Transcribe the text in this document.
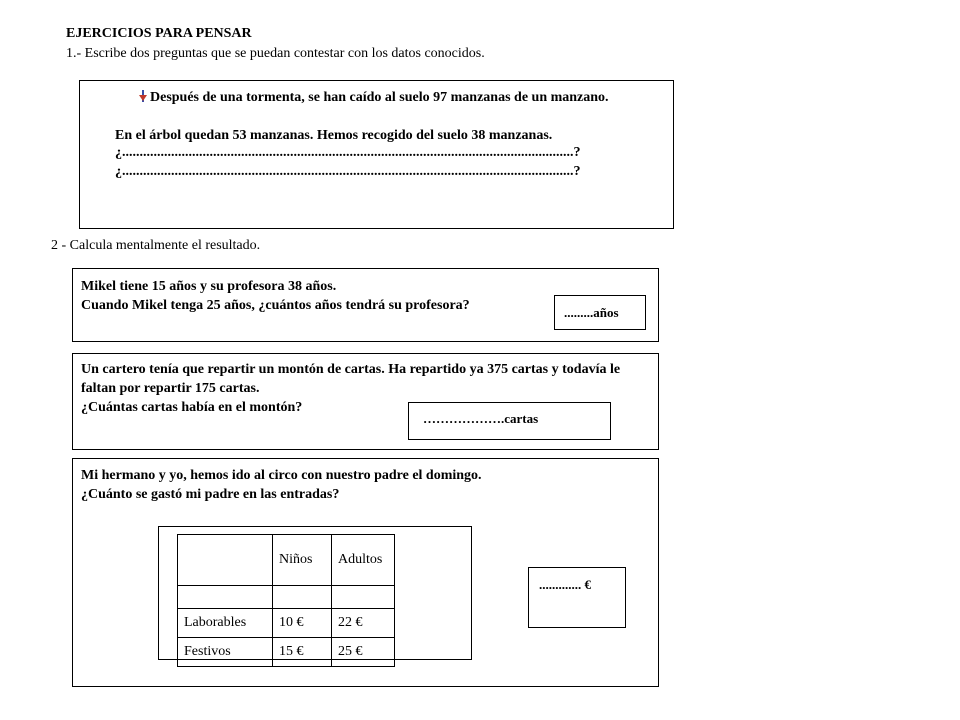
EJERCICIOS PARA PENSAR
1.- Escribe dos preguntas que se puedan contestar con los datos conocidos.
Después de una tormenta, se han caído al suelo 97 manzanas de un manzano.
En el árbol quedan 53 manzanas. Hemos recogido del suelo 38 manzanas.
¿.................................................................................................................................?
¿.................................................................................................................................?
2 - Calcula mentalmente el resultado.
Mikel tiene 15 años y su profesora 38 años.
Cuando Mikel tenga 25 años, ¿cuántos años tendrá su profesora?	.........años
Un cartero tenía que repartir un montón de cartas. Ha repartido ya 375 cartas y todavía le faltan por repartir 175 cartas.
¿Cuántas cartas había en el montón?
……………….cartas
Mi hermano y yo, hemos ido al circo con nuestro padre el domingo.
¿Cuánto se gastó mi padre en las entradas?
	Niños	Adultos

Laborables	10 €	22 €
Festivos	15 €	25 €
............. €
